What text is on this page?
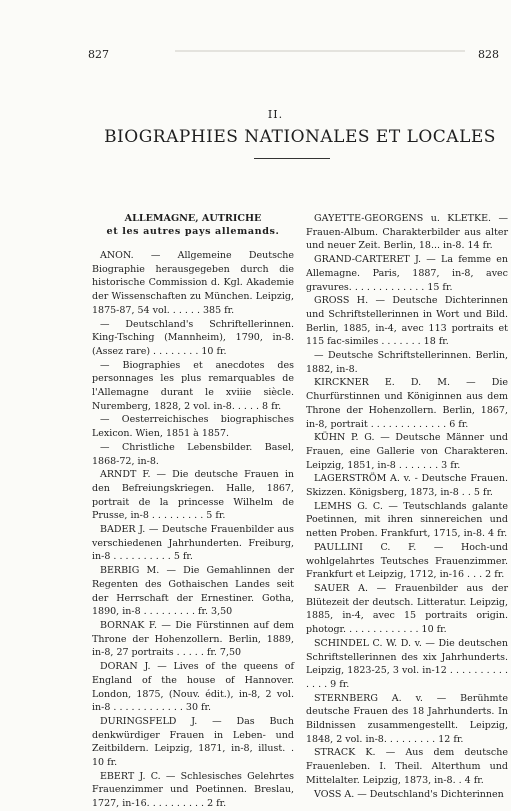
827	828
II.
BIOGRAPHIES NATIONALES ET LOCALES
ALLEMAGNE, AUTRICHE
et les autres pays allemands.

ANON. — Allgemeine Deutsche Biographie herausgegeben durch die historische Commission d. Kgl. Akademie der Wissenschaften zu München. Leipzig, 1875-87, 54 vol. . . . . . 385 fr.

— Deutschland's Schriftellerinnen. King-Tsching (Mannheim), 1790, in-8. (Assez rare) . . . . . . . . 10 fr.

— Biographies et anecdotes des personnages les plus remarquables de l'Allemagne durant le xviiie siècle. Nuremberg, 1828, 2 vol. in-8. . . . . 8 fr.

— Oesterreichisches biographisches Lexicon. Wien, 1851 à 1857.

— Christliche Lebensbilder. Basel, 1868-72, in-8.

ARNDT F. — Die deutsche Frauen in den Befreiungskriegen. Halle, 1867, portrait de la princesse Wilhelm de Prusse, in-8 . . . . . . . . . 5 fr.

BADER J. — Deutsche Frauenbilder aus verschiedenen Jahrhunderten. Freiburg, in-8 . . . . . . . . . . 5 fr.

BERBIG M. — Die Gemahlinnen der Regenten des Gothaischen Landes seit der Herrschaft der Ernestiner. Gotha, 1890, in-8 . . . . . . . . . fr. 3,50

BORNAK F. — Die Fürstinnen auf dem Throne der Hohenzollern. Berlin, 1889, in-8, 27 portraits . . . . . fr. 7,50

DORAN J. — Lives of the queens of England of the house of Hannover. London, 1875, (Nouv. édit.), in-8, 2 vol. in-8 . . . . . . . . . . . . 30 fr.

DURINGSFELD J. — Das Buch denkwürdiger Frauen in Leben- und Zeitbildern. Leipzig, 1871, in-8, illust. . 10 fr.

EBERT J. C. — Schlesisches Gelehrtes Frauenzimmer und Poetinnen. Breslau, 1727, in-16. . . . . . . . . . 2 fr.

GAYETTE-GEORGENS u. KLETKE. — Frauen-Album. Charakterbilder aus alter und neuer Zeit. Berlin, 18... in-8. 14 fr.

GRAND-CARTERET J. — La femme en Allemagne. Paris, 1887, in-8, avec gravures. . . . . . . . . . . . . 15 fr.

GROSS H. — Deutsche Dichterinnen und Schriftstellerinnen in Wort und Bild. Berlin, 1885, in-4, avec 113 portraits et 115 fac-similes . . . . . . . 18 fr.

— Deutsche Schriftstellerinnen. Berlin, 1882, in-8.

KIRCKNER E. D. M. — Die Churfürstinnen und Königinnen aus dem Throne der Hohenzollern. Berlin, 1867, in-8, portrait . . . . . . . . . . . . . 6 fr.

KÜHN P. G. — Deutsche Männer und Frauen, eine Gallerie von Charakteren. Leipzig, 1851, in-8 . . . . . . . 3 fr.

LAGERSTRÖM A. v. - Deutsche Frauen. Skizzen. Königsberg, 1873, in-8 . . 5 fr.

LEMHS G. C. — Teutschlands galante Poetinnen, mit ihren sinnereichen und netten Proben. Frankfurt, 1715, in-8. 4 fr.

PAULLINI C. F. — Hoch-und wohlgelahrtes Teutsches Frauenzimmer. Frankfurt et Leipzig, 1712, in-16 . . . 2 fr.

SAUER A. — Frauenbilder aus der Blütezeit der deutsch. Litteratur. Leipzig, 1885, in-4, avec 15 portraits origin. photogr. . . . . . . . . . . . . 10 fr.

SCHINDEL C. W. D. v. — Die deutschen Schriftstellerinnen des xix Jahrhunderts. Leipzig, 1823-25, 3 vol. in-12 . . . . . . . . . . . . . . 9 fr.

STERNBERG A. v. — Berühmte deutsche Frauen des 18 Jahrhunderts. In Bildnissen zusammengestellt. Leipzig, 1848, 2 vol. in-8. . . . . . . . . 12 fr.

STRACK K. — Aus dem deutsche Frauenleben. I. Theil. Alterthum und Mittelalter. Leipzig, 1873, in-8. . 4 fr.

VOSS A. — Deutschland's Dichterinnen
